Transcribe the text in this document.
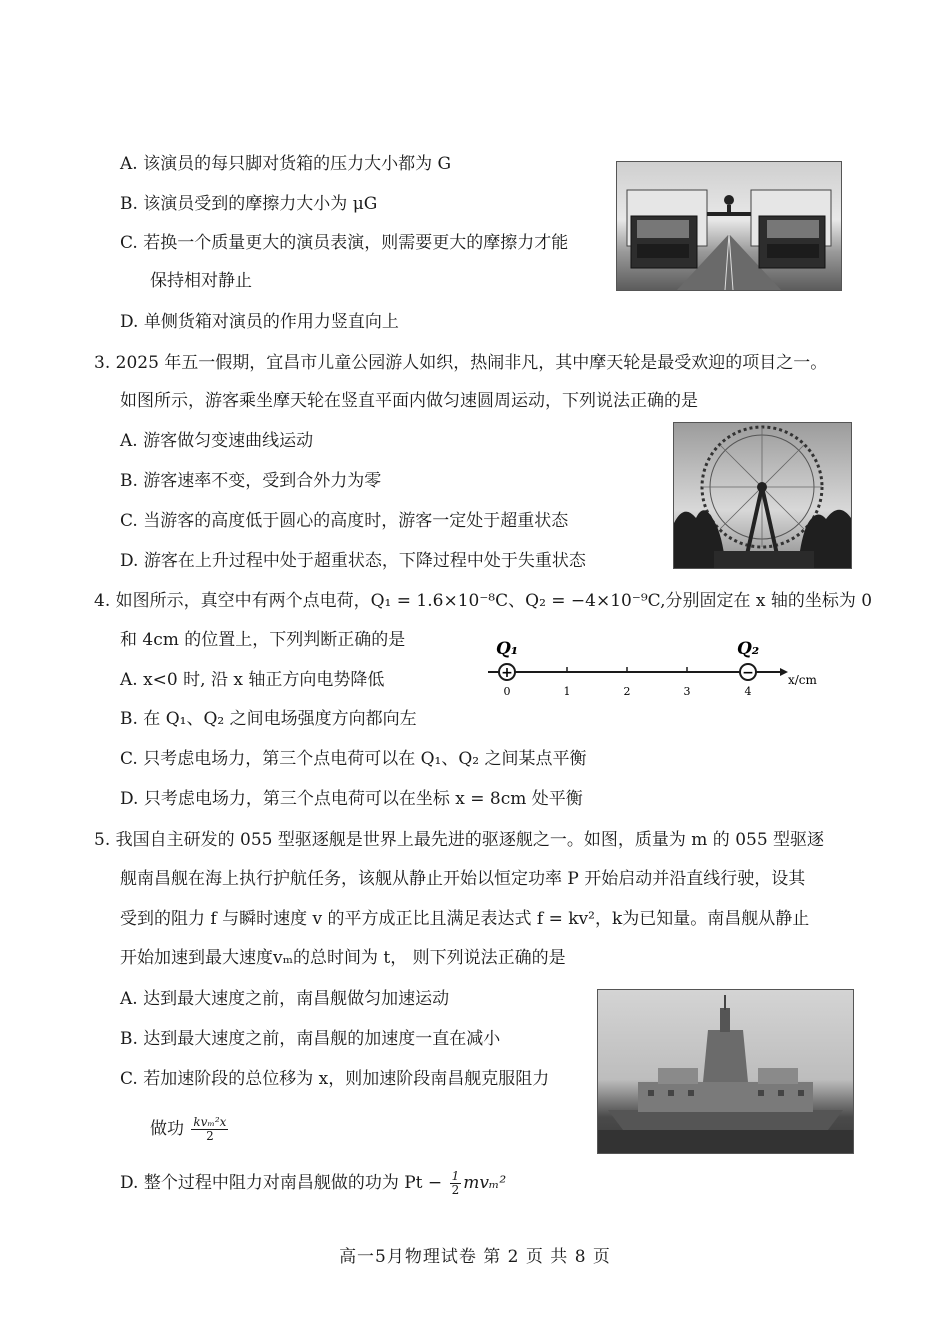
A. 该演员的每只脚对货箱的压力大小都为 G
B. 该演员受到的摩擦力大小为 μG
C. 若换一个质量更大的演员表演，则需要更大的摩擦力才能
保持相对静止
D. 单侧货箱对演员的作用力竖直向上
3. 2025 年五一假期，宜昌市儿童公园游人如织，热闹非凡，其中摩天轮是最受欢迎的项目之一。
如图所示，游客乘坐摩天轮在竖直平面内做匀速圆周运动，下列说法正确的是
A. 游客做匀变速曲线运动
B. 游客速率不变，受到合外力为零
C. 当游客的高度低于圆心的高度时，游客一定处于超重状态
D. 游客在上升过程中处于超重状态，下降过程中处于失重状态
4. 如图所示，真空中有两个点电荷，Q₁ = 1.6×10⁻⁸C、Q₂ = −4×10⁻⁹C,分别固定在 x 轴的坐标为 0
和 4cm 的位置上，下列判断正确的是
A. x<0 时, 沿 x 轴正方向电势降低
B. 在 Q₁、Q₂ 之间电场强度方向都向左
C. 只考虑电场力，第三个点电荷可以在 Q₁、Q₂ 之间某点平衡
D. 只考虑电场力，第三个点电荷可以在坐标 x = 8cm 处平衡
Q₁	Q₂
x/cm
+	−
0	1	2	3	4
5. 我国自主研发的 055 型驱逐舰是世界上最先进的驱逐舰之一。如图，质量为 m 的 055 型驱逐
舰南昌舰在海上执行护航任务，该舰从静止开始以恒定功率 P 开始启动并沿直线行驶，设其
受到的阻力 f 与瞬时速度 v 的平方成正比且满足表达式 f = kv²，k为已知量。南昌舰从静止
开始加速到最大速度vₘ的总时间为 t， 则下列说法正确的是
A. 达到最大速度之前，南昌舰做匀加速运动
B. 达到最大速度之前，南昌舰的加速度一直在减小
C. 若加速阶段的总位移为 x，则加速阶段南昌舰克服阻力
做功 $\frac{\text{kvₘ²x}}{2}$
D. 整个过程中阻力对南昌舰做的功为 $Pt - \frac{1}{2} mv_m^2$
高一5月物理试卷 第 2 页 共 8 页
